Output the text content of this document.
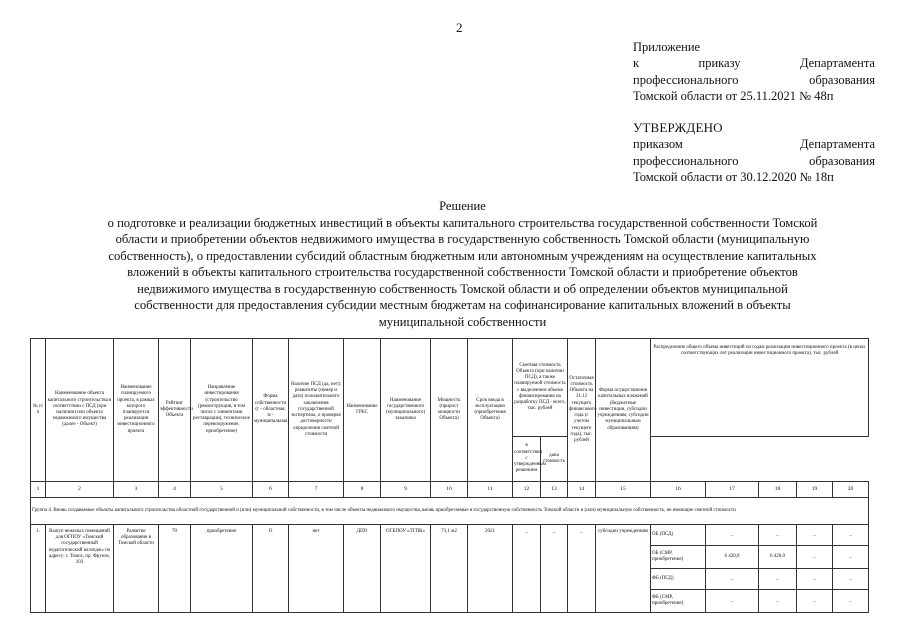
2
Приложение
к	приказу	Департамента
профессионального	образования
Томской области от 25.11.2021 № 48п
УТВЕРЖДЕНО
приказом	Департамента
профессионального	образования
Томской области от 30.12.2020 № 18п
Решение
о подготовке и реализации бюджетных инвестиций в объекты капитального строительства государственной собственности Томской
области и приобретении объектов недвижимого имущества в государственную собственность Томской области (муниципальную
собственность), о предоставлении субсидий областным бюджетным или автономным учреждениям на осуществление капитальных
вложений в объекты капитального строительства государственной собственности Томской области и приобретение объектов
недвижимого имущества в государственную собственность Томской области и об определении объектов муниципальной
собственности для предоставления субсидии местным бюджетам на софинансирование капитальных вложений в объекты
муниципальной собственности
№ п/п	Наименование объекта капитального строительства в соответствии с ПСД (при наличии) или объекта недвижимого имущества (далее - Объект)	Наименование планируемого проекта, в рамках которого планируется реализация инвестиционного проекта	Рейтинг эффективности Объекта	Направление инвестирования (строительство (реконструкция, в том числе с элементами реставрации), техническое перевооружение, приобретение)	Форма собственности (г - областная, м - муниципальная)	Наличие ПСД (да, нет); реквизиты (номер и дата) положительного заключения государственной экспертизы, о проверке достоверности определения сметной стоимости	Наименование ГРБС	Наименование государственного (муниципального) заказчика	Мощность (прирост мощности Объекта)	Срок ввода в эксплуатацию (приобретения Объекта)	Сметная стоимость Объекта (при наличии ПСД), а также планируемой стоимость с выделением объема финансирования на разработку ПСД - всего, тыс. рублей		Остаточная стоимость Объекта на 31.12 текущего финансового года (с учетом текущего года), тыс. рублей	Форма осуществления капитальных вложений (бюджетные инвестиции, субсидии учреждениям, субсидии муниципальным образованиям)	Распределение общего объема инвестиций по годам реализации инвестиционного проекта (в ценах соответствующих лет реализации инвестиционного проекта), тыс. рублей				
											в соответствии с утвержденным решением	дана стоимость						
1	2	3	4	5	6	7	8	9	10	11	12	13	14	15	16	17	18	19	20
Группа 4. Вновь создаваемые объекты капитального строительства областной государственной и (или) муниципальной собственности, в том числе объекты недвижимого имущества, вновь приобретаемые в государственную собственность Томской области и (или) муниципальную собственность, не имеющие сметной стоимости																			
1.	Выкуп нежилых помещений для ОГПОУ «Томский государственный педагогический колледж» по адресу: г. Томск, пр. Фрунзе, 103	Развитие образования в Томской области	70	приобретение	О	нет	ДПО	ОГБПОУ «ТГПК»	73,1 м2	2021	_	_	_	субсидии учреждениям	ОБ (ПСД)	_	_	_	_
															ОБ (СМР, приобретение)	6 420,0	6 420,0	_	_
															ФБ (ПСД)	_	_	_	_
															ФБ (СМР, приобретение)	_	_	_	_
